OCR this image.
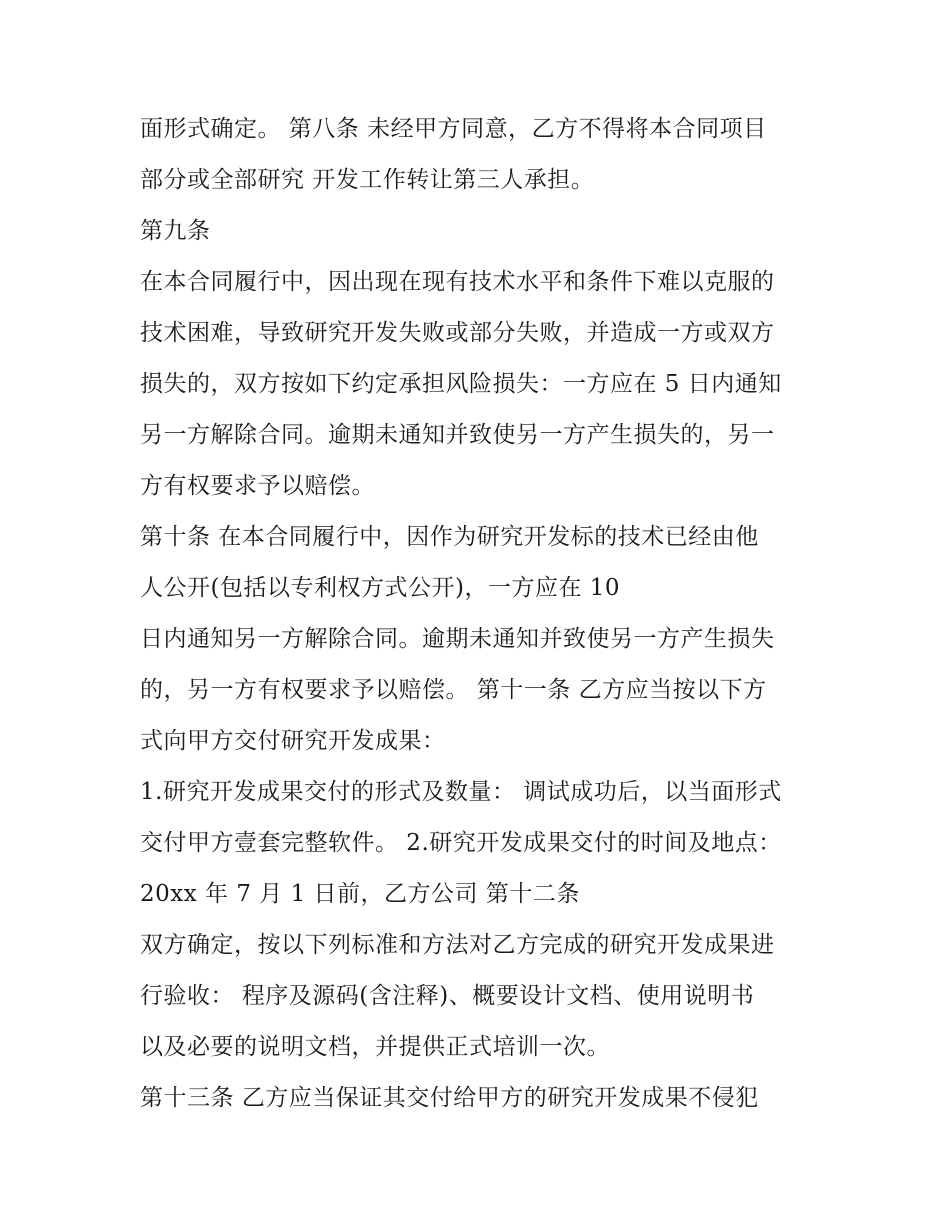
面形式确定。 第八条 未经甲方同意，乙方不得将本合同项目
部分或全部研究 开发工作转让第三人承担。
第九条
在本合同履行中，因出现在现有技术水平和条件下难以克服的
技术困难，导致研究开发失败或部分失败，并造成一方或双方
损失的，双方按如下约定承担风险损失：一方应在 5 日内通知
另一方解除合同。逾期未通知并致使另一方产生损失的，另一
方有权要求予以赔偿。
第十条 在本合同履行中，因作为研究开发标的技术已经由他
人公开(包括以专利权方式公开)，一方应在 10
日内通知另一方解除合同。逾期未通知并致使另一方产生损失
的，另一方有权要求予以赔偿。 第十一条 乙方应当按以下方
式向甲方交付研究开发成果：
1.研究开发成果交付的形式及数量： 调试成功后，以当面形式
交付甲方壹套完整软件。 2.研究开发成果交付的时间及地点：
20xx 年 7 月 1 日前，乙方公司 第十二条
双方确定，按以下列标准和方法对乙方完成的研究开发成果进
行验收： 程序及源码(含注释)、概要设计文档、使用说明书
以及必要的说明文档，并提供正式培训一次。
第十三条 乙方应当保证其交付给甲方的研究开发成果不侵犯
